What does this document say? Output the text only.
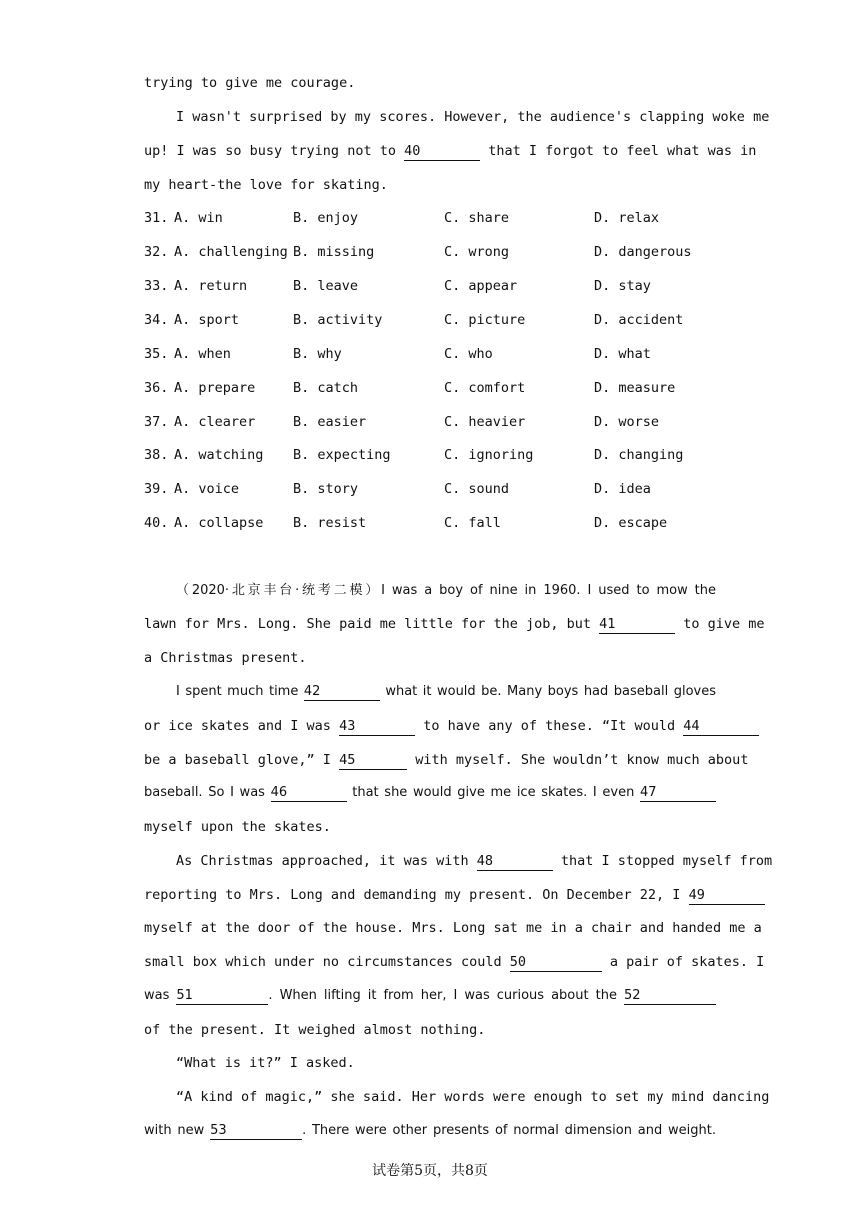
trying to give me courage.
I wasn't surprised by my scores. However, the audience's clapping woke me
up! I was so busy trying not to 40	that I forgot to feel what was in
my heart-the love for skating.
31. A. win	B. enjoy	C. share	D. relax
32. A. challenging B. missing	C. wrong	D. dangerous
33. A. return	B. leave	C. appear	D. stay
34. A. sport	B. activity	C. picture	D. accident
35. A. when	B. why	C. who	D. what
36. A. prepare	B. catch	C. comfort	D. measure
37. A. clearer	B. easier	C. heavier	D. worse
38. A. watching B. expecting	C. ignoring	D. changing
39. A. voice	B. story	C. sound	D. idea
40. A. collapse B. resist	C. fall	D. escape
（2020·北京丰台·统考二模）I was a boy of nine in 1960. I used to mow the
lawn for Mrs. Long. She paid me little for the job, but 41	to give me
a Christmas present.
I spent much time 42	what it would be. Many boys had baseball gloves
or ice skates and I was 43	to have any of these. “It would 44
be a baseball glove,” I 45	with myself. She wouldn’t know much about
baseball. So I was 46	that she would give me ice skates. I even 47
myself upon the skates.
As Christmas approached, it was with 48	that I stopped myself from
reporting to Mrs. Long and demanding my present. On December 22, I 49
myself at the door of the house. Mrs. Long sat me in a chair and handed me a
small box which under no circumstances could 50	a pair of skates. I
was 51	. When lifting it from her, I was curious about the 52
of the present. It weighed almost nothing.
“What is it?” I asked.
“A kind of magic,” she said. Her words were enough to set my mind dancing
with new 53	. There were other presents of normal dimension and weight.
试卷第5页，共8页
